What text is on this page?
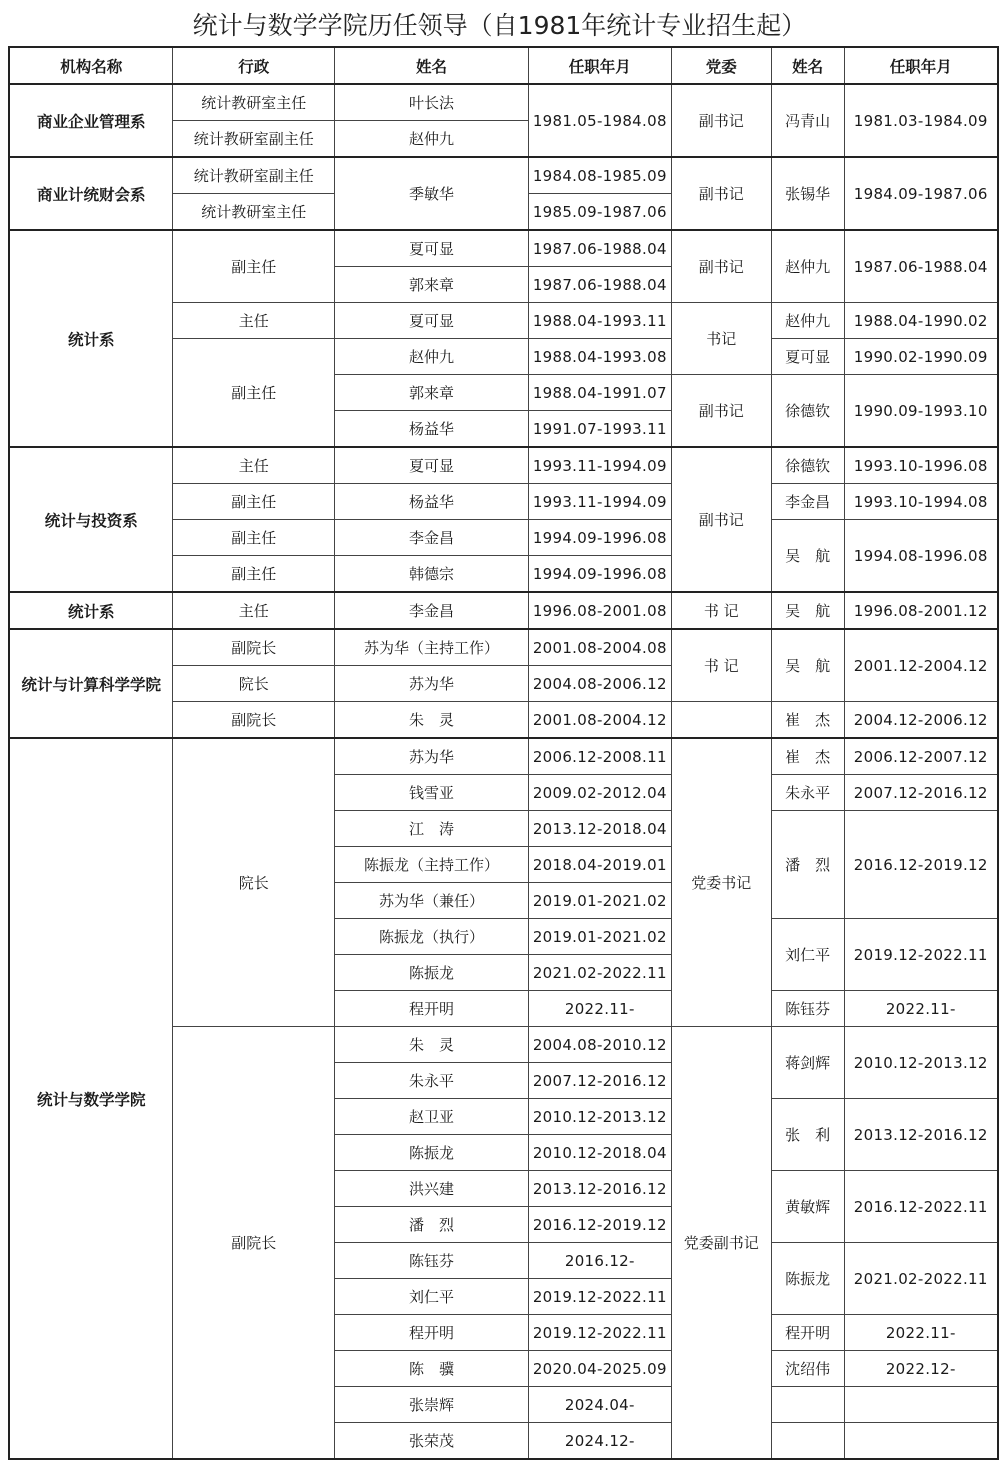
统计与数学学院历任领导（自1981年统计专业招生起）
机构名称	行政	姓名	任职年月	党委	姓名	任职年月
商业企业管理系	统计教研室主任	叶长法	1981.05-1984.08	副书记	冯青山	1981.03-1984.09
	统计教研室副主任	赵仲九				
商业计统财会系	统计教研室副主任	季敏华	1984.08-1985.09	副书记	张锡华	1984.09-1987.06
	统计教研室主任		1985.09-1987.06			
统计系	副主任	夏可显	1987.06-1988.04	副书记	赵仲九	1987.06-1988.04
		郭来章	1987.06-1988.04			
	主任	夏可显	1988.04-1993.11	书记	赵仲九	1988.04-1990.02
	副主任	赵仲九	1988.04-1993.08		夏可显	1990.02-1990.09
		郭来章	1988.04-1991.07	副书记	徐德钦	1990.09-1993.10
		杨益华	1991.07-1993.11			
统计与投资系	主任	夏可显	1993.11-1994.09	副书记	徐德钦	1993.10-1996.08
	副主任	杨益华	1993.11-1994.09		李金昌	1993.10-1994.08
	副主任	李金昌	1994.09-1996.08		吴　航	1994.08-1996.08
	副主任	韩德宗	1994.09-1996.08			
统计系	主任	李金昌	1996.08-2001.08	书 记	吴　航	1996.08-2001.12
统计与计算科学学院	副院长	苏为华（主持工作）	2001.08-2004.08	书 记	吴　航	2001.12-2004.12
	院长	苏为华	2004.08-2006.12			
	副院长	朱　灵	2001.08-2004.12		崔　杰	2004.12-2006.12
统计与数学学院	院长	苏为华	2006.12-2008.11	党委书记	崔　杰	2006.12-2007.12
		钱雪亚	2009.02-2012.04		朱永平	2007.12-2016.12
		江　涛	2013.12-2018.04		潘　烈	2016.12-2019.12
		陈振龙（主持工作）	2018.04-2019.01			
		苏为华（兼任）	2019.01-2021.02			
		陈振龙（执行）	2019.01-2021.02		刘仁平	2019.12-2022.11
		陈振龙	2021.02-2022.11			
		程开明	2022.11-		陈钰芬	2022.11-
	副院长	朱　灵	2004.08-2010.12	党委副书记	蒋剑辉	2010.12-2013.12
		朱永平	2007.12-2016.12			
		赵卫亚	2010.12-2013.12		张　利	2013.12-2016.12
		陈振龙	2010.12-2018.04			
		洪兴建	2013.12-2016.12		黄敏辉	2016.12-2022.11
		潘　烈	2016.12-2019.12			
		陈钰芬	2016.12-		陈振龙	2021.02-2022.11
		刘仁平	2019.12-2022.11			
		程开明	2019.12-2022.11		程开明	2022.11-
		陈　骥	2020.04-2025.09		沈绍伟	2022.12-
		张崇辉	2024.04-			
		张荣茂	2024.12-			
